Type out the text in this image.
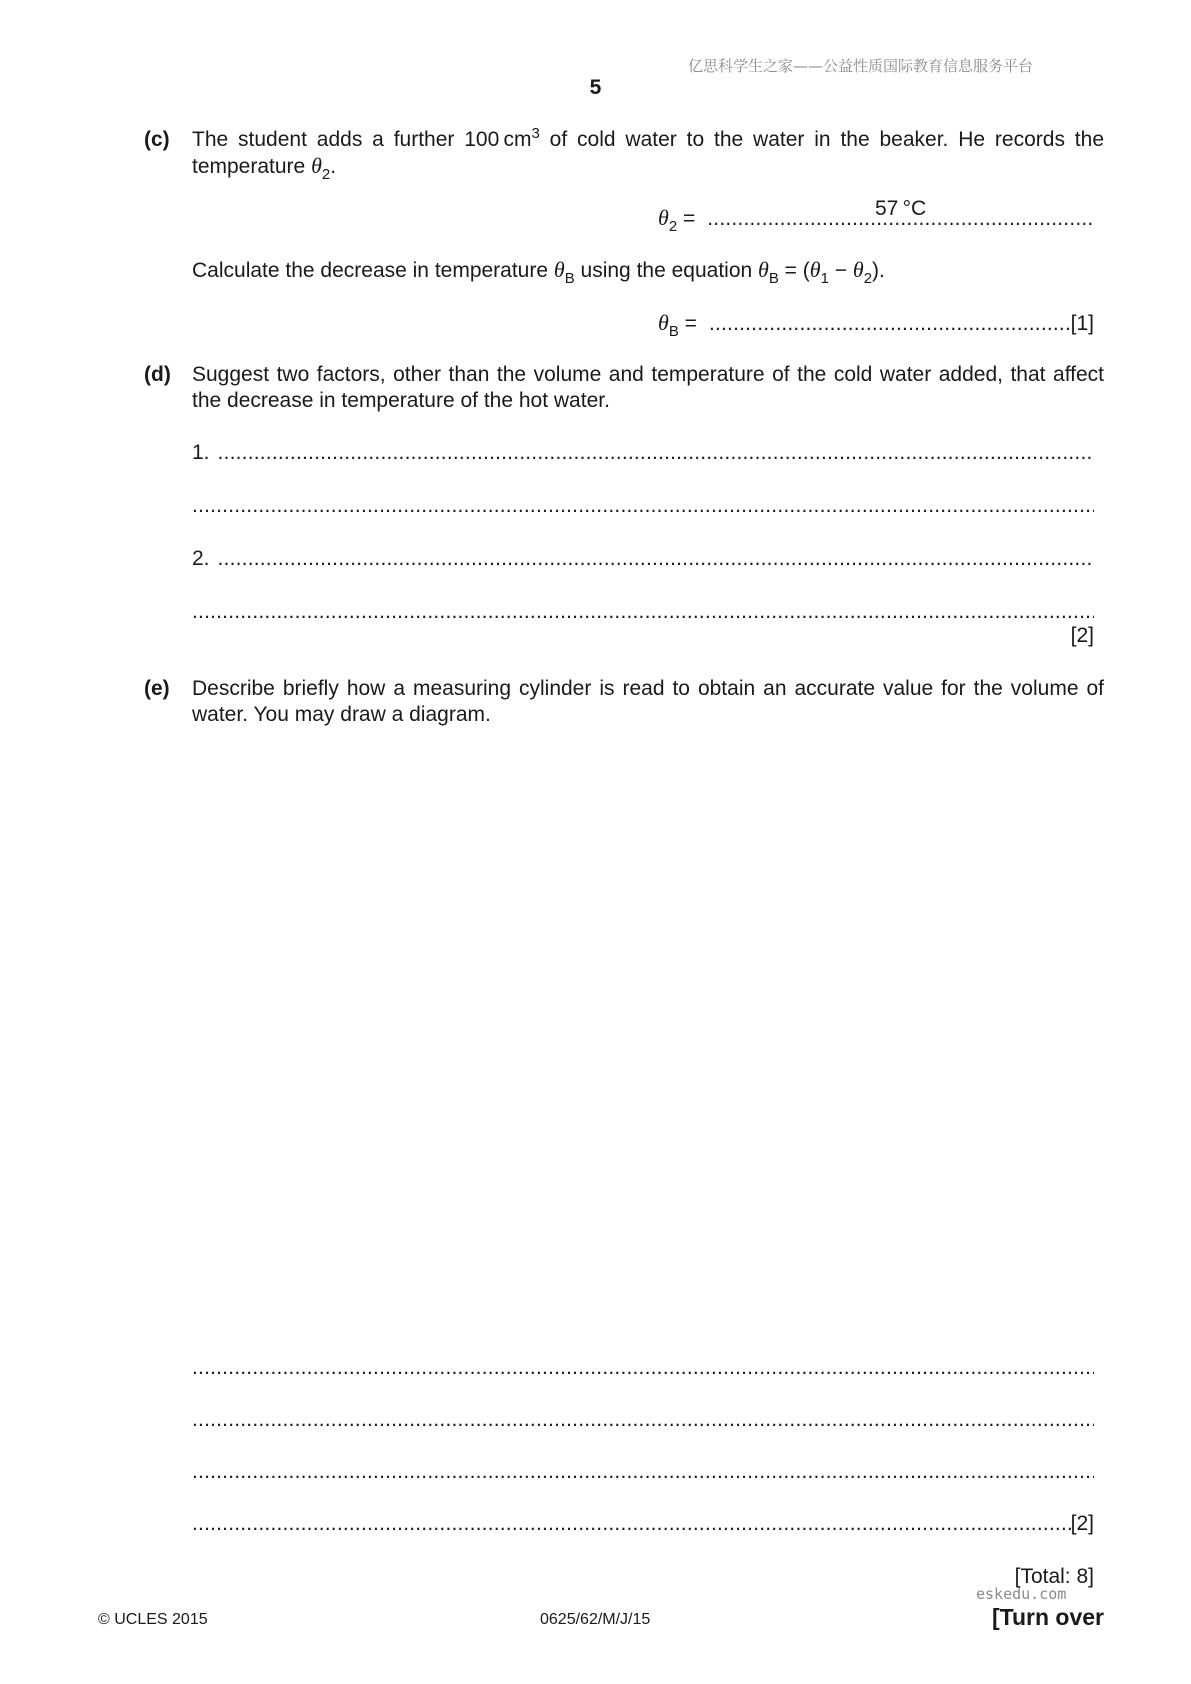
亿思科学生之家——公益性质国际教育信息服务平台
5
(c) The student adds a further 100 $cm^3$ of cold water to the water in the beaker. He records the temperature $\theta_2$.
$\theta_2$ = .....	57 °C
Calculate the decrease in temperature $\theta_B$ using the equation $\theta_B = (\theta_1 - \theta_2)$.
$\theta_B$ = .....	[1]
(d) Suggest two factors, other than the volume and temperature of the cold water added, that affect the decrease in temperature of the hot water.
1.
.....
.....
2.
.....
.....
[2]
(e) Describe briefly how a measuring cylinder is read to obtain an accurate value for the volume of water. You may draw a diagram.
.....
.....
.....
.....
[2]
[Total: 8]
eskedu.com
© UCLES 2015	0625/62/M/J/15	[Turn over
